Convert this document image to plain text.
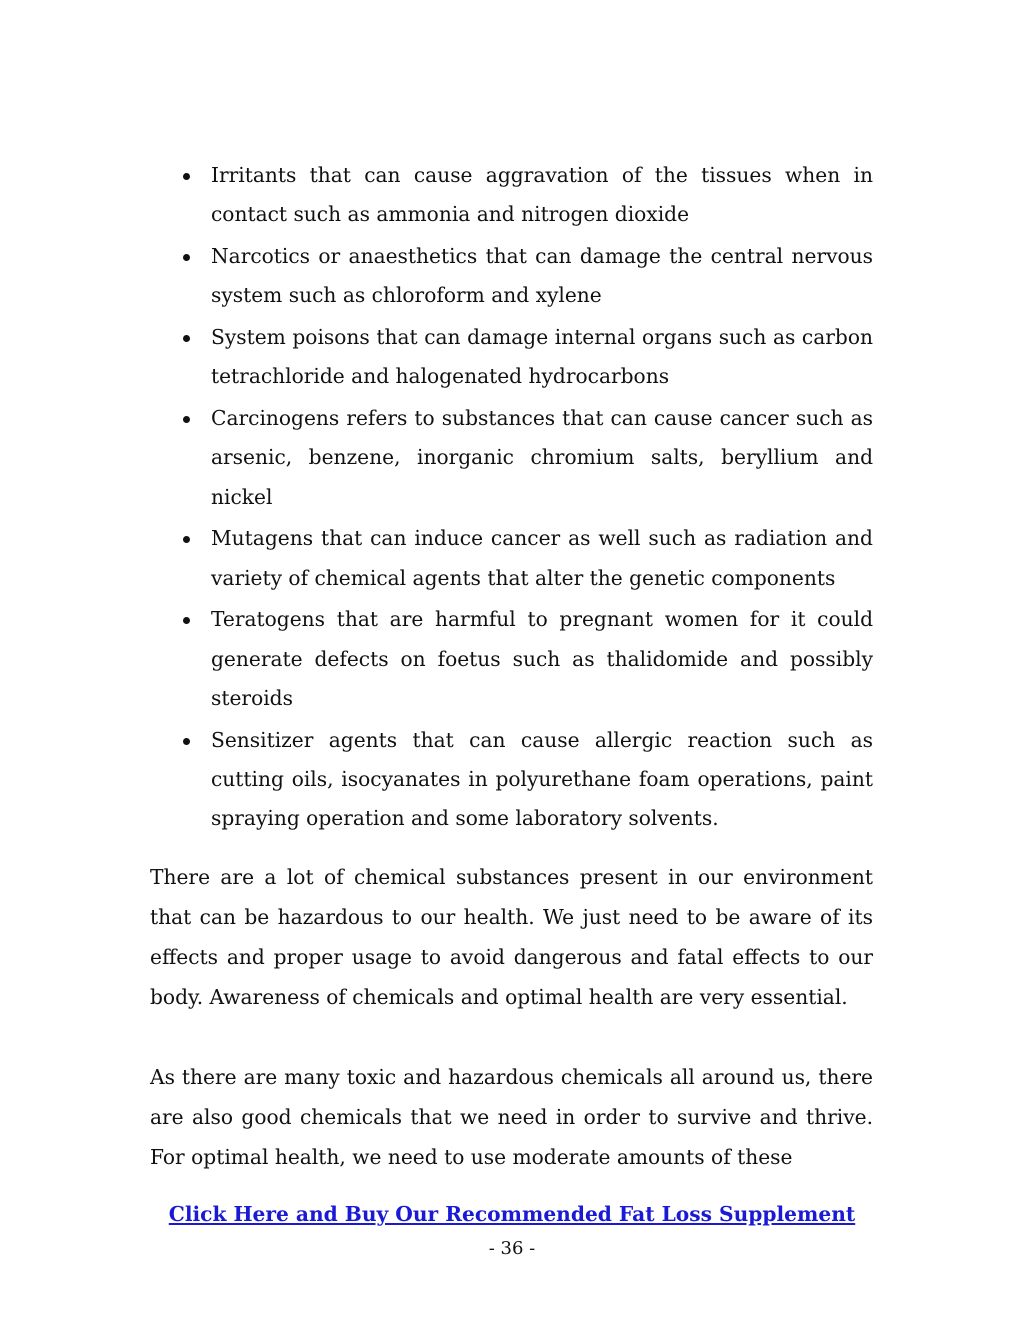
Irritants that can cause aggravation of the tissues when in contact such as ammonia and nitrogen dioxide
Narcotics or anaesthetics that can damage the central nervous system such as chloroform and xylene
System poisons that can damage internal organs such as carbon tetrachloride and halogenated hydrocarbons
Carcinogens refers to substances that can cause cancer such as arsenic, benzene, inorganic chromium salts, beryllium and nickel
Mutagens that can induce cancer as well such as radiation and variety of chemical agents that alter the genetic components
Teratogens that are harmful to pregnant women for it could generate defects on foetus such as thalidomide and possibly steroids
Sensitizer agents that can cause allergic reaction such as cutting oils, isocyanates in polyurethane foam operations, paint spraying operation and some laboratory solvents.

There are a lot of chemical substances present in our environment that can be hazardous to our health. We just need to be aware of its effects and proper usage to avoid dangerous and fatal effects to our body. Awareness of chemicals and optimal health are very essential.

As there are many toxic and hazardous chemicals all around us, there are also good chemicals that we need in order to survive and thrive. For optimal health, we need to use moderate amounts of these

Click Here and Buy Our Recommended Fat Loss Supplement
- 36 -
